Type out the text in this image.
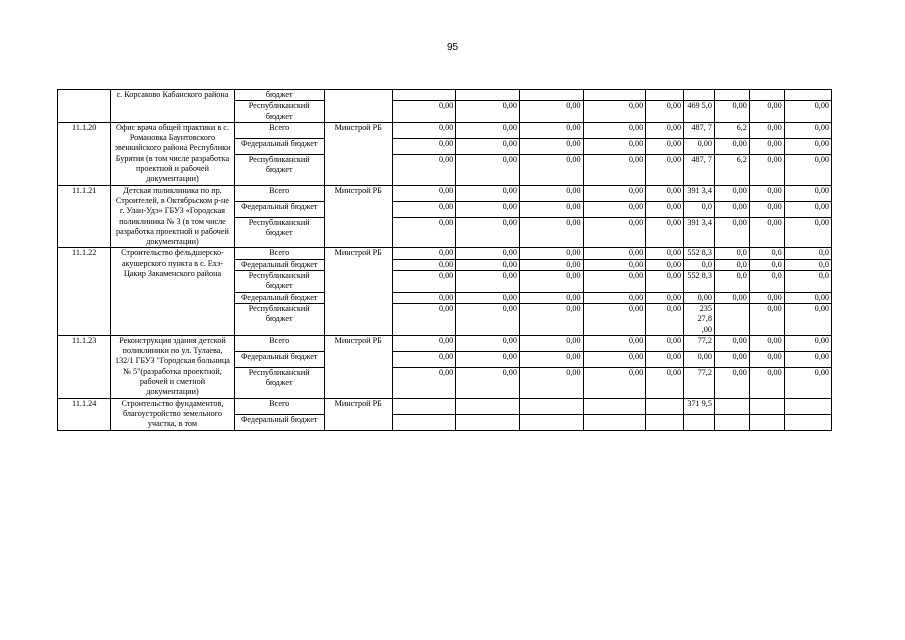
95
	с. Корсаково Кабанского района	бюджет										
		Республиканский бюджет		0,00	0,00	0,00	0,00	0,00	469 5,0	0,00	0,00	0,00
11.1.20	Офис врача общей практики в с. Романовка Баунтовского эвенкийского района Республики Бурятия (в том числе разработка проектной и рабочей документации)	Всего	Минстрой РБ	0,00	0,00	0,00	0,00	0,00	487, 7	6,2	0,00	0,00
		Федеральный бюджет		0,00	0,00	0,00	0,00	0,00	0,00	0,00	0,00	0,00
		Республиканский бюджет		0,00	0,00	0,00	0,00	0,00	487, 7	6,2	0,00	0,00
11.1.21	Детская поликлиника по пр. Строителей, в Октябрьском р-не г. Улан-Удэ» ГБУЗ «Городская поликлиника № 3 (в том числе разработка проектной и рабочей документации)	Всего	Минстрой РБ	0,00	0,00	0,00	0,00	0,00	391 3,4	0,00	0,00	0,00
		Федеральный бюджет		0,00	0,00	0,00	0,00	0,00	0,0	0,00	0,00	0,00
		Республиканский бюджет		0,00	0,00	0,00	0,00	0,00	391 3,4	0,00	0,00	0,00
11.1.22	Строительство фельдшерско-акушерского пункта в с. Ехэ-Цакир Закаменского района	Всего	Минстрой РБ	0,00	0,00	0,00	0,00	0,00	552 8,3	0,0	0,0	0,0
		Федеральный бюджет		0,00	0,00	0,00	0,00	0,00	0,0	0,0	0,0	0,0
		Республиканский бюджет		0,00	0,00	0,00	0,00	0,00	552 8,3	0,0	0,0	0,0
		Федеральный бюджет		0,00	0,00	0,00	0,00	0,00	0,00	0,00	0,00	0,00
		Республиканский бюджет		0,00	0,00	0,00	0,00	0,00	235 27,8 ,00		0,00	0,00
11.1.23	Реконструкция здания детской поликлиники по ул. Тулаева, 132/1 ГБУЗ "Городская больница № 5"(разработка проектной, рабочей и сметной документации)	Всего	Минстрой РБ	0,00	0,00	0,00	0,00	0,00	77,2	0,00	0,00	0,00
		Федеральный бюджет		0,00	0,00	0,00	0,00	0,00	0,00	0,00	0,00	0,00
		Республиканский бюджет		0,00	0,00	0,00	0,00	0,00	77,2	0,00	0,00	0,00
11.1.24	Строительство фундаментов, благоустройство земельного участка, в том	Всего	Минстрой РБ						371 9,5			
		Федеральный бюджет										
